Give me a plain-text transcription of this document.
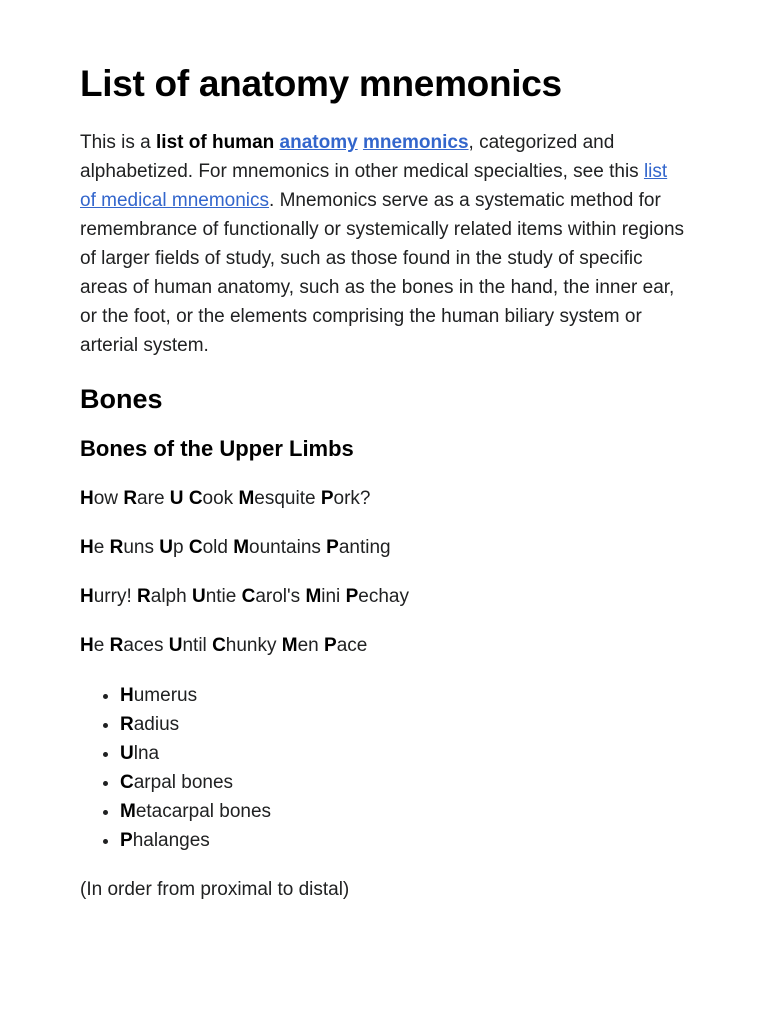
List of anatomy mnemonics

This is a list of human anatomy mnemonics, categorized and alphabetized. For mnemonics in other medical specialties, see this list of medical mnemonics. Mnemonics serve as a systematic method for remembrance of functionally or systemically related items within regions of larger fields of study, such as those found in the study of specific areas of human anatomy, such as the bones in the hand, the inner ear, or the foot, or the elements comprising the human biliary system or arterial system.

Bones
Bones of the Upper Limbs

How Rare U Cook Mesquite Pork?

He Runs Up Cold Mountains Panting

Hurry! Ralph Untie Carol's Mini Pechay

He Races Until Chunky Men Pace

• Humerus
• Radius
• Ulna
• Carpal bones
• Metacarpal bones
• Phalanges

(In order from proximal to distal)
